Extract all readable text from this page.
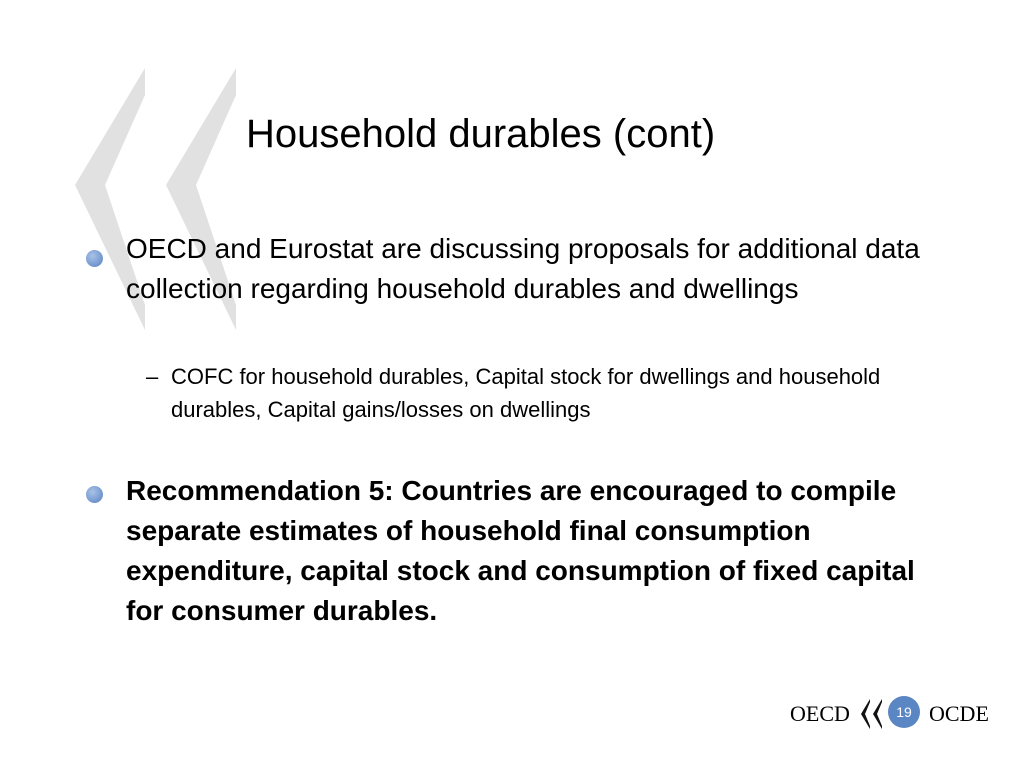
Household durables (cont)
OECD and Eurostat are discussing proposals for additional data collection regarding household durables and dwellings
– COFC for household durables, Capital stock for dwellings and household durables, Capital gains/losses on dwellings
Recommendation 5: Countries are encouraged to compile separate estimates of household final consumption expenditure, capital stock and consumption of fixed capital for consumer durables.
OECD	19 OCDE
